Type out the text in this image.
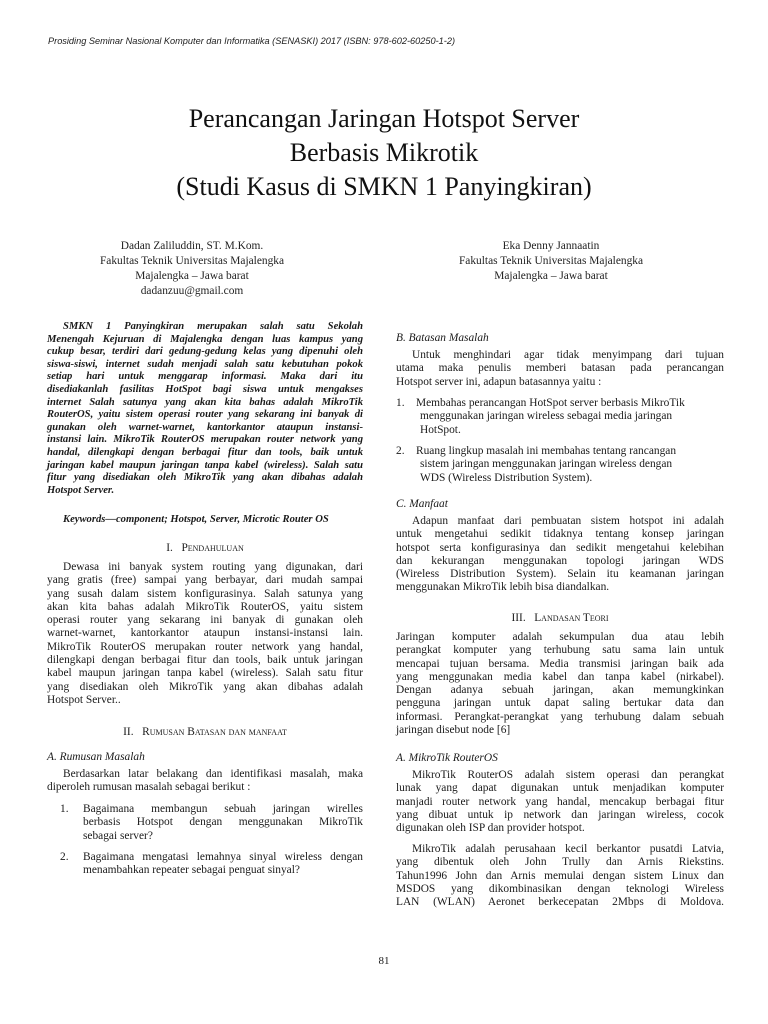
Prosiding Seminar Nasional Komputer dan Informatika (SENASKI) 2017 (ISBN: 978-602-60250-1-2)
Perancangan Jaringan Hotspot Server
Berbasis Mikrotik
(Studi Kasus di SMKN 1 Panyingkiran)
Dadan Zaliluddin, ST. M.Kom.
Fakultas Teknik Universitas Majalengka
Majalengka – Jawa barat
dadanzuu@gmail.com
Eka Denny Jannaatin
Fakultas Teknik Universitas Majalengka
Majalengka – Jawa barat
SMKN 1 Panyingkiran merupakan salah satu Sekolah
Menengah Kejuruan di Majalengka dengan luas kampus yang
cukup besar, terdiri dari gedung-gedung kelas yang dipenuhi oleh
siswa-siswi, internet sudah menjadi salah satu kebutuhan pokok
setiap hari untuk menggarap informasi. Maka dari itu
disediakanlah fasilitas HotSpot bagi siswa untuk mengakses
internet Salah satunya yang akan kita bahas adalah MikroTik
RouterOS, yaitu sistem operasi router yang sekarang ini banyak di
gunakan oleh warnet-warnet, kantorkantor ataupun instansi-
instansi lain. MikroTik RouterOS merupakan router network yang
handal, dilengkapi dengan berbagai fitur dan tools, baik untuk
jaringan kabel maupun jaringan tanpa kabel (wireless). Salah satu
fitur yang disediakan oleh MikroTik yang akan dibahas adalah
Hotspot Server.
Keywords—component; Hotspot, Server, Microtic Router OS
I. Pendahuluan
Dewasa ini banyak system routing yang digunakan, dari
yang gratis (free) sampai yang berbayar, dari mudah sampai
yang susah dalam sistem konfigurasinya. Salah satunya yang
akan kita bahas adalah MikroTik RouterOS, yaitu sistem
operasi router yang sekarang ini banyak di gunakan oleh
warnet-warnet, kantorkantor ataupun instansi-instansi lain.
MikroTik RouterOS merupakan router network yang handal,
dilengkapi dengan berbagai fitur dan tools, baik untuk jaringan
kabel maupun jaringan tanpa kabel (wireless). Salah satu fitur
yang disediakan oleh MikroTik yang akan dibahas adalah
Hotspot Server..
II. Rumusan Batasan dan manfaat
A. Rumusan Masalah
Berdasarkan latar belakang dan identifikasi masalah, maka
diperoleh rumusan masalah sebagai berikut :
1. Bagaimana membangun sebuah jaringan wirelles
berbasis Hotspot dengan menggunakan MikroTik
sebagai server?
2. Bagaimana mengatasi lemahnya sinyal wireless dengan
menambahkan repeater sebagai penguat sinyal?
B. Batasan Masalah
Untuk menghindari agar tidak menyimpang dari tujuan
utama maka penulis memberi batasan pada perancangan
Hotspot server ini, adapun batasannya yaitu :
1. Membahas perancangan HotSpot server berbasis MikroTik
menggunakan jaringan wireless sebagai media jaringan
HotSpot.
2. Ruang lingkup masalah ini membahas tentang rancangan
sistem jaringan menggunakan jaringan wireless dengan
WDS (Wireless Distribution System).
C. Manfaat
Adapun manfaat dari pembuatan sistem hotspot ini adalah
untuk mengetahui sedikit tidaknya tentang konsep jaringan
hotspot serta konfigurasinya dan sedikit mengetahui kelebihan
dan kekurangan menggunakan topologi jaringan WDS
(Wireless Distribution System). Selain itu keamanan jaringan
menggunakan MikroTik lebih bisa diandalkan.
III. Landasan Teori
Jaringan komputer adalah sekumpulan dua atau lebih
perangkat komputer yang terhubung satu sama lain untuk
mencapai tujuan bersama. Media transmisi jaringan baik ada
yang menggunakan media kabel dan tanpa kabel (nirkabel).
Dengan adanya sebuah jaringan, akan memungkinkan
pengguna jaringan untuk dapat saling bertukar data dan
informasi. Perangkat-perangkat yang terhubung dalam sebuah
jaringan disebut node [6]
A. MikroTik RouterOS
MikroTik RouterOS adalah sistem operasi dan perangkat
lunak yang dapat digunakan untuk menjadikan komputer
manjadi router network yang handal, mencakup berbagai fitur
yang dibuat untuk ip network dan jaringan wireless, cocok
digunakan oleh ISP dan provider hotspot.
MikroTik adalah perusahaan kecil berkantor pusatdi Latvia,
yang dibentuk oleh John Trully dan Arnis Riekstins.
Tahun1996 John dan Arnis memulai dengan sistem Linux dan
MSDOS yang dikombinasikan dengan teknologi Wireless
LAN (WLAN) Aeronet berkecepatan 2Mbps di Moldova.
81
